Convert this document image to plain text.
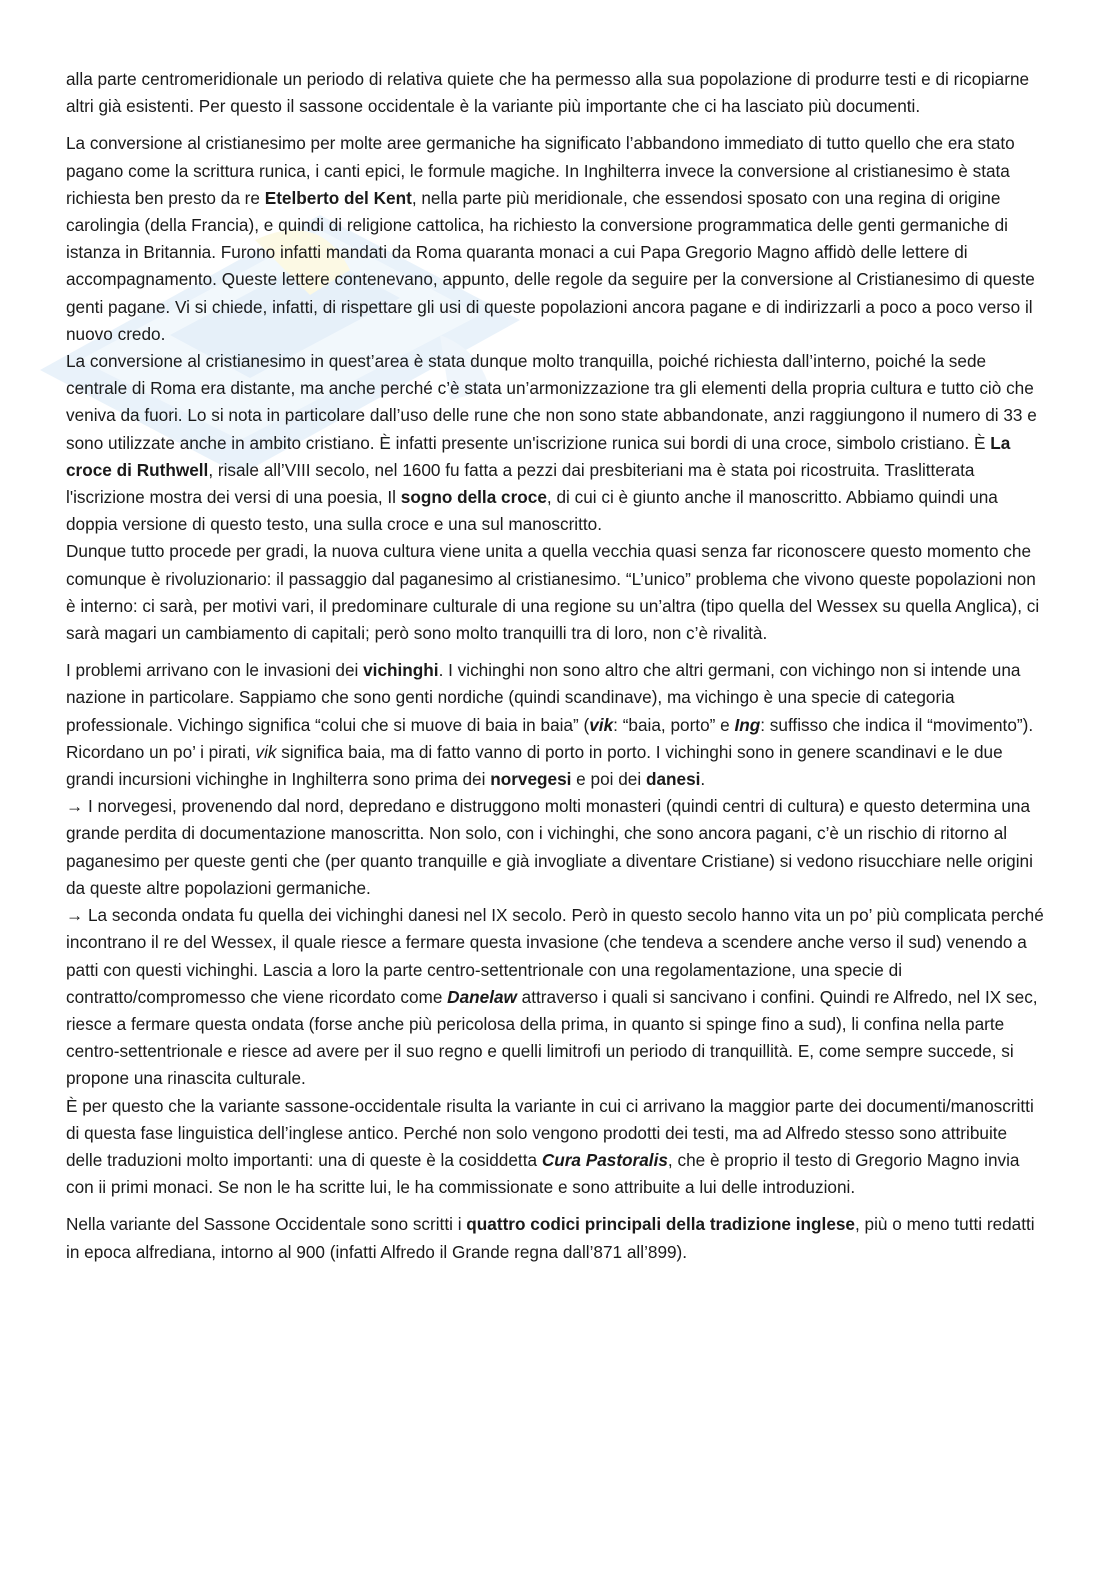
alla parte centromeridionale un periodo di relativa quiete che ha permesso alla sua popolazione di produrre testi e di ricopiarne altri già esistenti. Per questo il sassone occidentale è la variante più importante che ci ha lasciato più documenti.

La conversione al cristianesimo per molte aree germaniche ha significato l’abbandono immediato di tutto quello che era stato pagano come la scrittura runica, i canti epici, le formule magiche. In Inghilterra invece la conversione al cristianesimo è stata richiesta ben presto da re Etelberto del Kent, nella parte più meridionale, che essendosi sposato con una regina di origine carolingia (della Francia), e quindi di religione cattolica, ha richiesto la conversione programmatica delle genti germaniche di istanza in Britannia. Furono infatti mandati da Roma quaranta monaci a cui Papa Gregorio Magno affidò delle lettere di accompagnamento. Queste lettere contenevano, appunto, delle regole da seguire per la conversione al Cristianesimo di queste genti pagane. Vi si chiede, infatti, di rispettare gli usi di queste popolazioni ancora pagane e di indirizzarli a poco a poco verso il nuovo credo.

La conversione al cristianesimo in quest’area è stata dunque molto tranquilla, poiché richiesta dall’interno, poiché la sede centrale di Roma era distante, ma anche perché c’è stata un’armonizzazione tra gli elementi della propria cultura e tutto ciò che veniva da fuori. Lo si nota in particolare dall’uso delle rune che non sono state abbandonate, anzi raggiungono il numero di 33 e sono utilizzate anche in ambito cristiano. È infatti presente un'iscrizione runica sui bordi di una croce, simbolo cristiano. È La croce di Ruthwell, risale all’VIII secolo, nel 1600 fu fatta a pezzi dai presbiteriani ma è stata poi ricostruita. Traslitterata l'iscrizione mostra dei versi di una poesia, Il sogno della croce, di cui ci è giunto anche il manoscritto. Abbiamo quindi una doppia versione di questo testo, una sulla croce e una sul manoscritto.

Dunque tutto procede per gradi, la nuova cultura viene unita a quella vecchia quasi senza far riconoscere questo momento che comunque è rivoluzionario: il passaggio dal paganesimo al cristianesimo. “L’unico” problema che vivono queste popolazioni non è interno: ci sarà, per motivi vari, il predominare culturale di una regione su un’altra (tipo quella del Wessex su quella Anglica), ci sarà magari un cambiamento di capitali; però sono molto tranquilli tra di loro, non c’è rivalità.

I problemi arrivano con le invasioni dei vichinghi. I vichinghi non sono altro che altri germani, con vichingo non si intende una nazione in particolare. Sappiamo che sono genti nordiche (quindi scandinave), ma vichingo è una specie di categoria professionale. Vichingo significa “colui che si muove di baia in baia” (vik: “baia, porto” e Ing: suffisso che indica il “movimento”). Ricordano un po’ i pirati, vik significa baia, ma di fatto vanno di porto in porto. I vichinghi sono in genere scandinavi e le due grandi incursioni vichinghe in Inghilterra sono prima dei norvegesi e poi dei danesi.

→ I norvegesi, provenendo dal nord, depredano e distruggono molti monasteri (quindi centri di cultura) e questo determina una grande perdita di documentazione manoscritta. Non solo, con i vichinghi, che sono ancora pagani, c’è un rischio di ritorno al paganesimo per queste genti che (per quanto tranquille e già invogliate a diventare Cristiane) si vedono risucchiare nelle origini da queste altre popolazioni germaniche.

→ La seconda ondata fu quella dei vichinghi danesi nel IX secolo. Però in questo secolo hanno vita un po’ più complicata perché incontrano il re del Wessex, il quale riesce a fermare questa invasione (che tendeva a scendere anche verso il sud) venendo a patti con questi vichinghi. Lascia a loro la parte centro-settentrionale con una regolamentazione, una specie di contratto/compromesso che viene ricordato come Danelaw attraverso i quali si sancivano i confini. Quindi re Alfredo, nel IX sec, riesce a fermare questa ondata (forse anche più pericolosa della prima, in quanto si spinge fino a sud), li confina nella parte centro-settentrionale e riesce ad avere per il suo regno e quelli limitrofi un periodo di tranquillità. E, come sempre succede, si propone una rinascita culturale.

È per questo che la variante sassone-occidentale risulta la variante in cui ci arrivano la maggior parte dei documenti/manoscritti di questa fase linguistica dell’inglese antico. Perché non solo vengono prodotti dei testi, ma ad Alfredo stesso sono attribuite delle traduzioni molto importanti: una di queste è la cosiddetta Cura Pastoralis, che è proprio il testo di Gregorio Magno invia con ii primi monaci. Se non le ha scritte lui, le ha commissionate e sono attribuite a lui delle introduzioni.

Nella variante del Sassone Occidentale sono scritti i quattro codici principali della tradizione inglese, più o meno tutti redatti in epoca alfrediana, intorno al 900 (infatti Alfredo il Grande regna dall’871 all’899).
